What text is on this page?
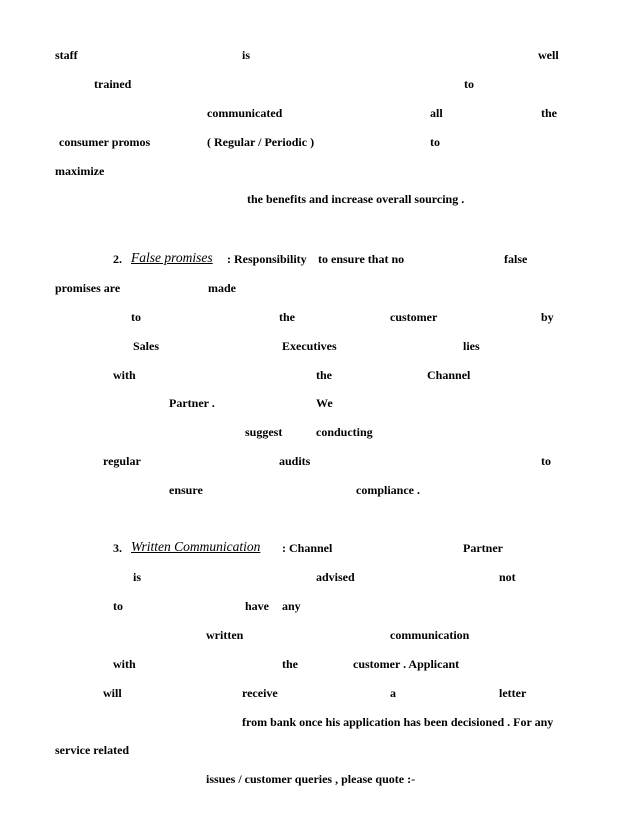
staff	is	well
trained	to
communicated	all	the
consumer promos	( Regular / Periodic )	to
maximize
the benefits and increase overall sourcing .
2. False promises : Responsibility to ensure that no	false
promises are	made
to	the	customer	by
Sales	Executives	lies
with	the	Channel
Partner .	We
suggest	conducting
regular	audits	to
ensure	compliance .
3. Written Communication : Channel	Partner
is	advised	not
to	have any
written	communication
with	the	customer . Applicant
will	receive	a	letter
from bank once his application has been decisioned . For any
service related
issues / customer queries , please quote :-
